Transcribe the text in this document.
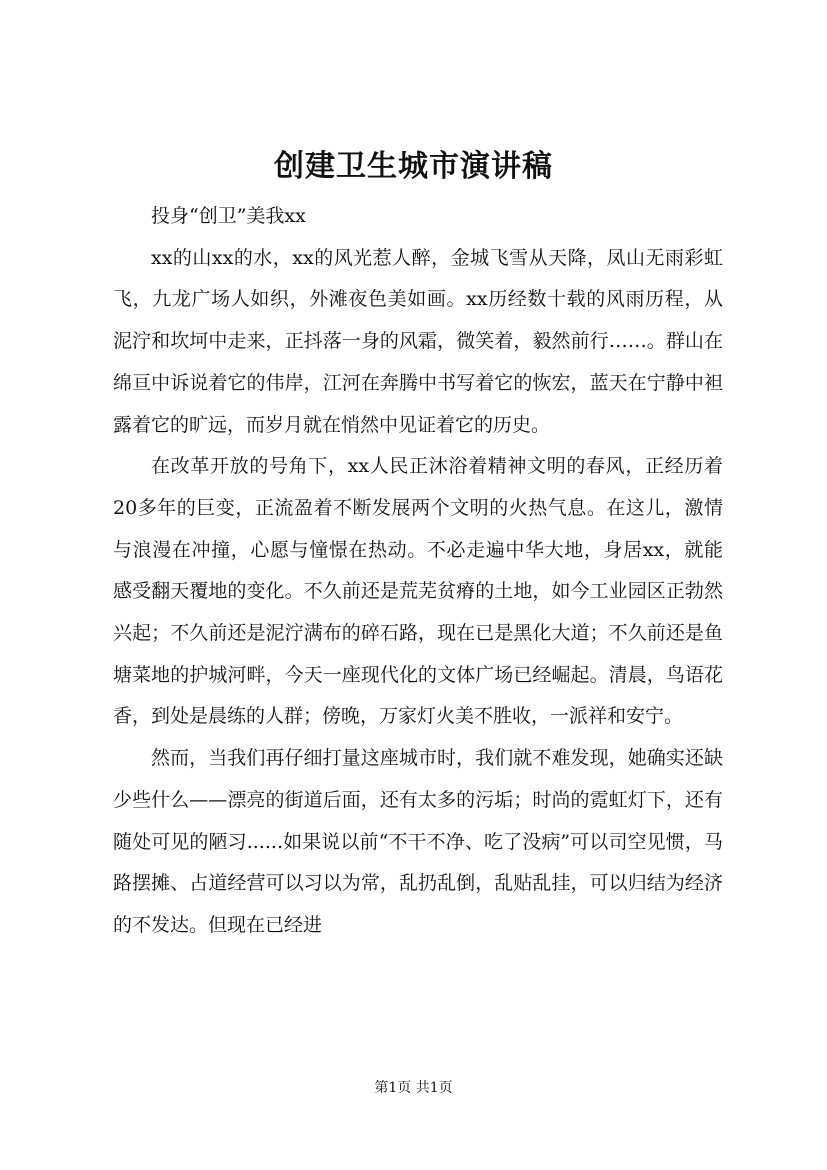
创建卫生城市演讲稿

投身“创卫”美我xx

xx的山xx的水，xx的风光惹人醉，金城飞雪从天降，凤山无雨彩虹飞，九龙广场人如织，外滩夜色美如画。xx历经数十载的风雨历程，从泥泞和坎坷中走来，正抖落一身的风霜，微笑着，毅然前行……。群山在绵亘中诉说着它的伟岸，江河在奔腾中书写着它的恢宏，蓝天在宁静中袒露着它的旷远，而岁月就在悄然中见证着它的历史。

在改革开放的号角下，xx人民正沐浴着精神文明的春风，正经历着20多年的巨变，正流盈着不断发展两个文明的火热气息。在这儿，激情与浪漫在冲撞，心愿与憧憬在热动。不必走遍中华大地，身居xx，就能感受翻天覆地的变化。不久前还是荒芜贫瘠的土地，如今工业园区正勃然兴起；不久前还是泥泞满布的碎石路，现在已是黑化大道；不久前还是鱼塘菜地的护城河畔，今天一座现代化的文体广场已经崛起。清晨，鸟语花香，到处是晨练的人群；傍晚，万家灯火美不胜收，一派祥和安宁。

然而，当我们再仔细打量这座城市时，我们就不难发现，她确实还缺少些什么——漂亮的街道后面，还有太多的污垢；时尚的霓虹灯下，还有随处可见的陋习......如果说以前“不干不净、吃了没病”可以司空见惯，马路摆摊、占道经营可以习以为常，乱扔乱倒，乱贴乱挂，可以归结为经济的不发达。但现在已经进

第1页 共1页
